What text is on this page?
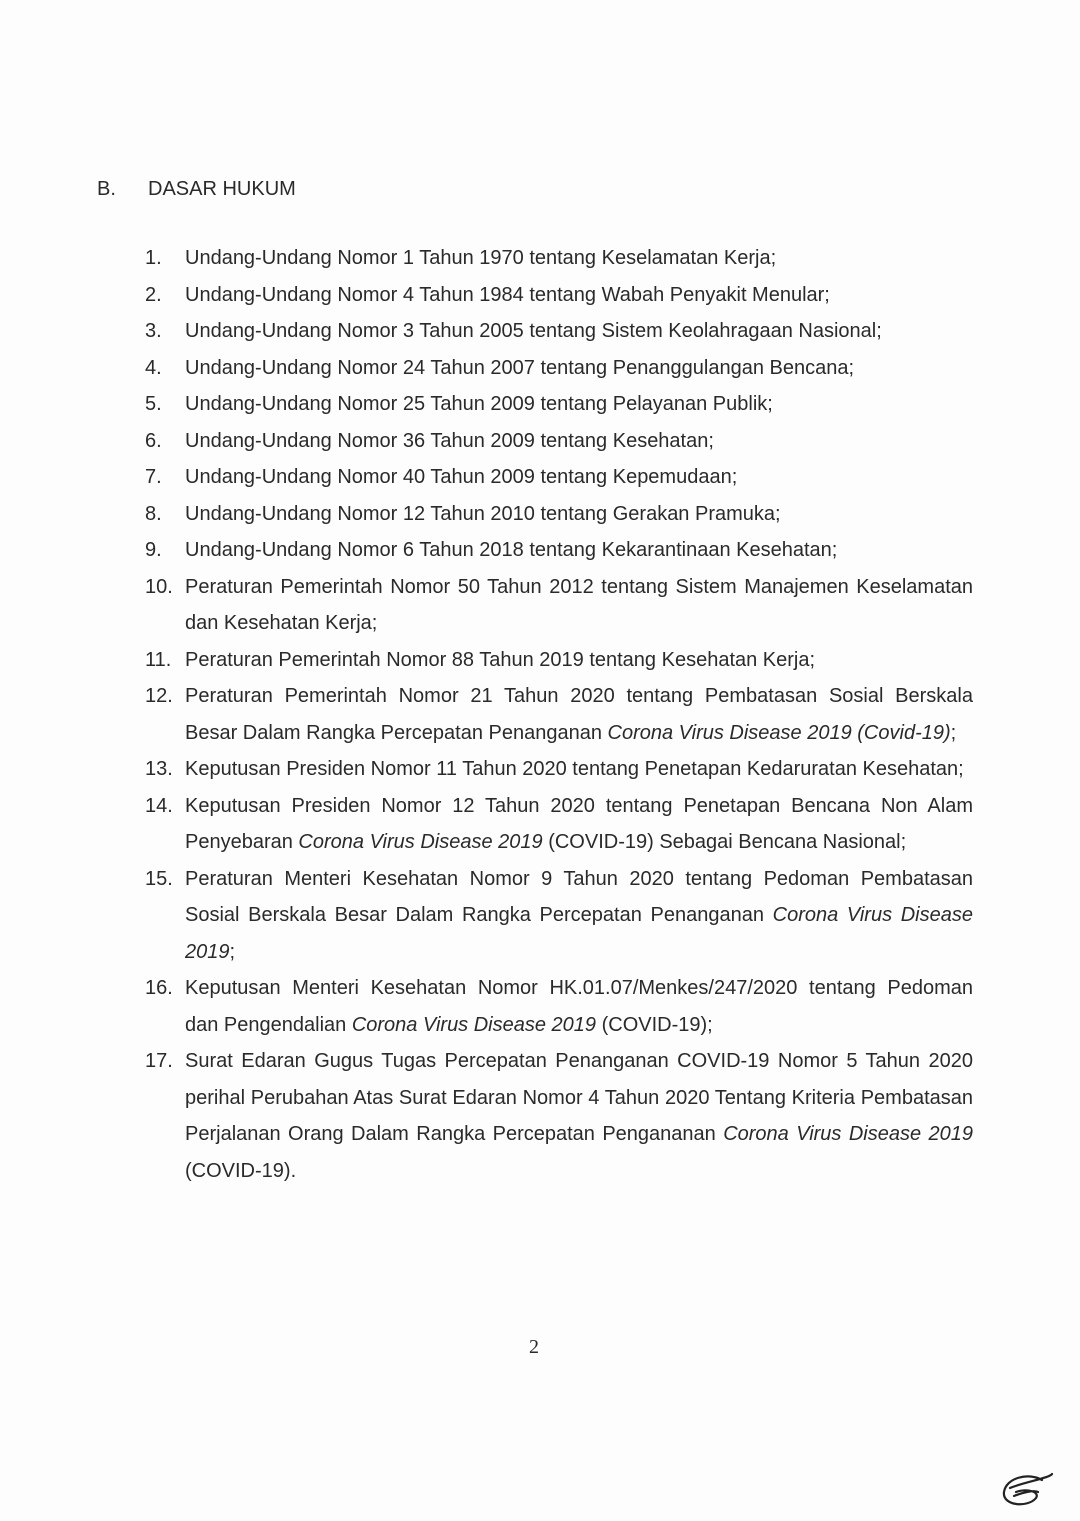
B.	DASAR HUKUM
1.	Undang-Undang Nomor 1 Tahun 1970 tentang Keselamatan Kerja;
2.	Undang-Undang Nomor 4 Tahun 1984 tentang Wabah Penyakit Menular;
3.	Undang-Undang Nomor 3 Tahun 2005 tentang Sistem Keolahragaan Nasional;
4.	Undang-Undang Nomor 24 Tahun 2007 tentang Penanggulangan Bencana;
5.	Undang-Undang Nomor 25 Tahun 2009 tentang Pelayanan Publik;
6.	Undang-Undang Nomor 36 Tahun 2009 tentang Kesehatan;
7.	Undang-Undang Nomor 40 Tahun 2009 tentang Kepemudaan;
8.	Undang-Undang Nomor 12 Tahun 2010 tentang Gerakan Pramuka;
9.	Undang-Undang Nomor 6 Tahun 2018 tentang Kekarantinaan Kesehatan;
10. Peraturan Pemerintah Nomor 50 Tahun 2012 tentang Sistem Manajemen Keselamatan dan Kesehatan Kerja;
11. Peraturan Pemerintah Nomor 88 Tahun 2019 tentang Kesehatan Kerja;
12. Peraturan Pemerintah Nomor 21 Tahun 2020 tentang Pembatasan Sosial Berskala Besar Dalam Rangka Percepatan Penanganan Corona Virus Disease 2019 (Covid-19);
13. Keputusan Presiden Nomor 11 Tahun 2020 tentang Penetapan Kedaruratan Kesehatan;
14. Keputusan Presiden Nomor 12 Tahun 2020 tentang Penetapan Bencana Non Alam Penyebaran Corona Virus Disease 2019 (COVID-19) Sebagai Bencana Nasional;
15. Peraturan Menteri Kesehatan Nomor 9 Tahun 2020 tentang Pedoman Pembatasan Sosial Berskala Besar Dalam Rangka Percepatan Penanganan Corona Virus Disease 2019;
16. Keputusan Menteri Kesehatan Nomor HK.01.07/Menkes/247/2020 tentang Pedoman dan Pengendalian Corona Virus Disease 2019 (COVID-19);
17. Surat Edaran Gugus Tugas Percepatan Penanganan COVID-19 Nomor 5 Tahun 2020 perihal Perubahan Atas Surat Edaran Nomor 4 Tahun 2020 Tentang Kriteria Pembatasan Perjalanan Orang Dalam Rangka Percepatan Pengananan Corona Virus Disease 2019 (COVID-19).
2
